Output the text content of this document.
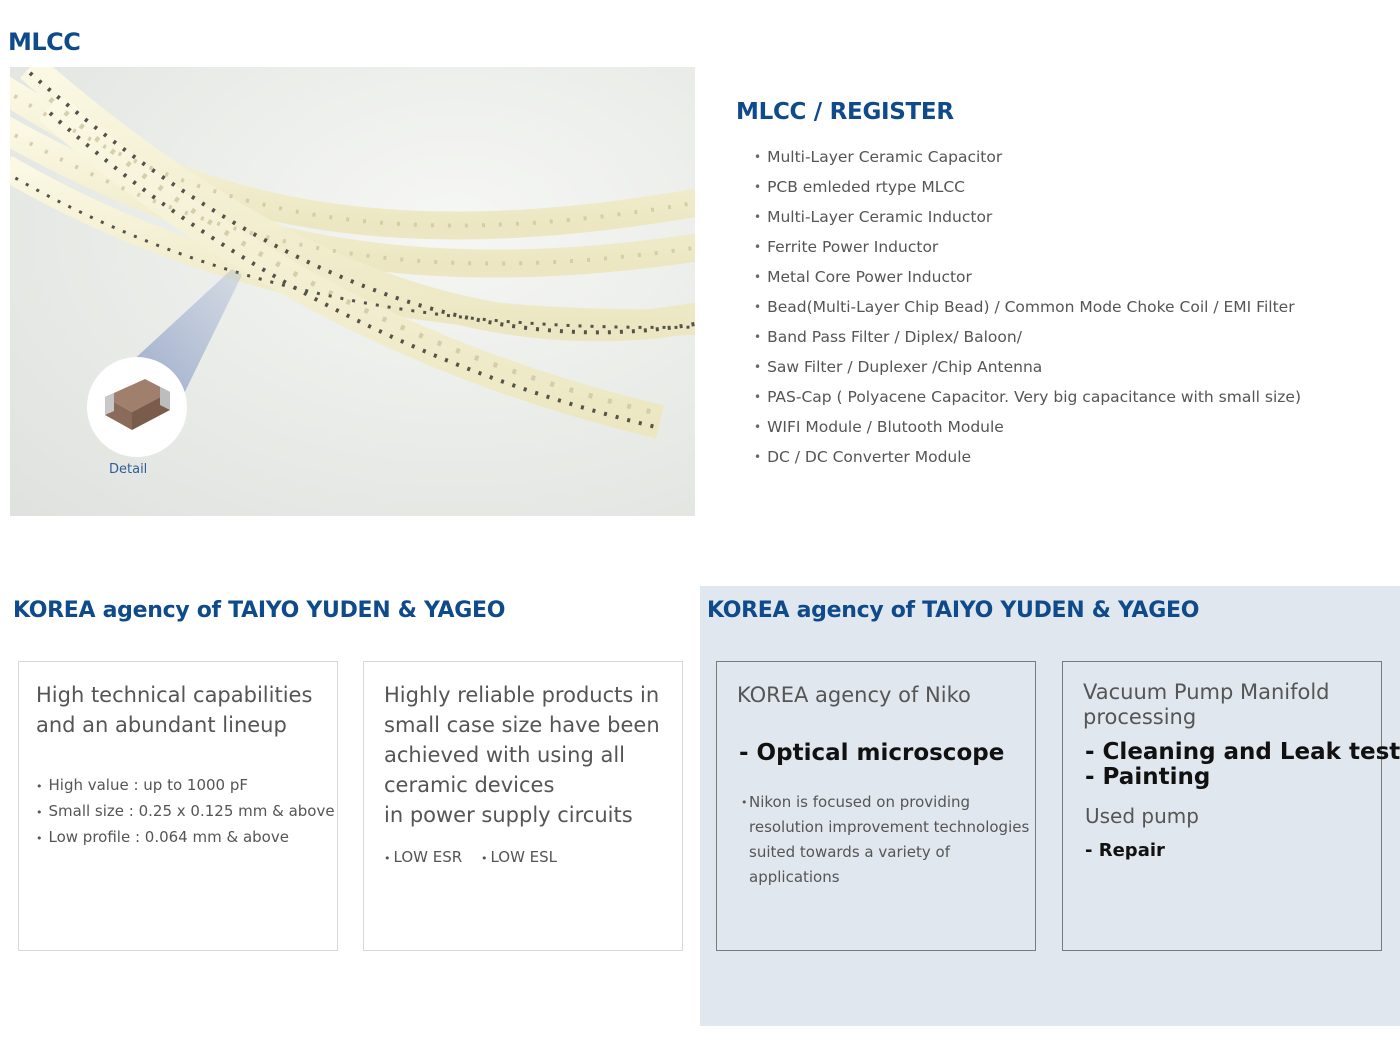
MLCC
Detail
MLCC / REGISTER
• Multi-Layer Ceramic Capacitor
• PCB emleded rtype MLCC
• Multi-Layer Ceramic Inductor
• Ferrite Power Inductor
• Metal Core Power Inductor
• Bead(Multi-Layer Chip Bead) / Common Mode Choke Coil / EMI Filter
• Band Pass Filter / Diplex/ Baloon/
• Saw Filter / Duplexer /Chip Antenna
• PAS-Cap ( Polyacene Capacitor. Very big capacitance with small size)
• WIFI Module / Blutooth Module
• DC / DC Converter Module
KOREA agency of TAIYO YUDEN & YAGEO	KOREA agency of TAIYO YUDEN & YAGEO
High technical capabilities
and an abundant lineup
• High value : up to 1000 pF
• Small size : 0.25 x 0.125 mm & above
• Low profile : 0.064 mm & above
Highly reliable products in
small case size have been
achieved with using all
ceramic devices
in power supply circuits
• LOW ESR • LOW ESL
KOREA agency of Niko
- Optical microscope
• Nikon is focused on providing
resolution improvement technologies
suited towards a variety of
applications
Vacuum Pump Manifold
processing
- Cleaning and Leak test
- Painting
Used pump
- Repair
